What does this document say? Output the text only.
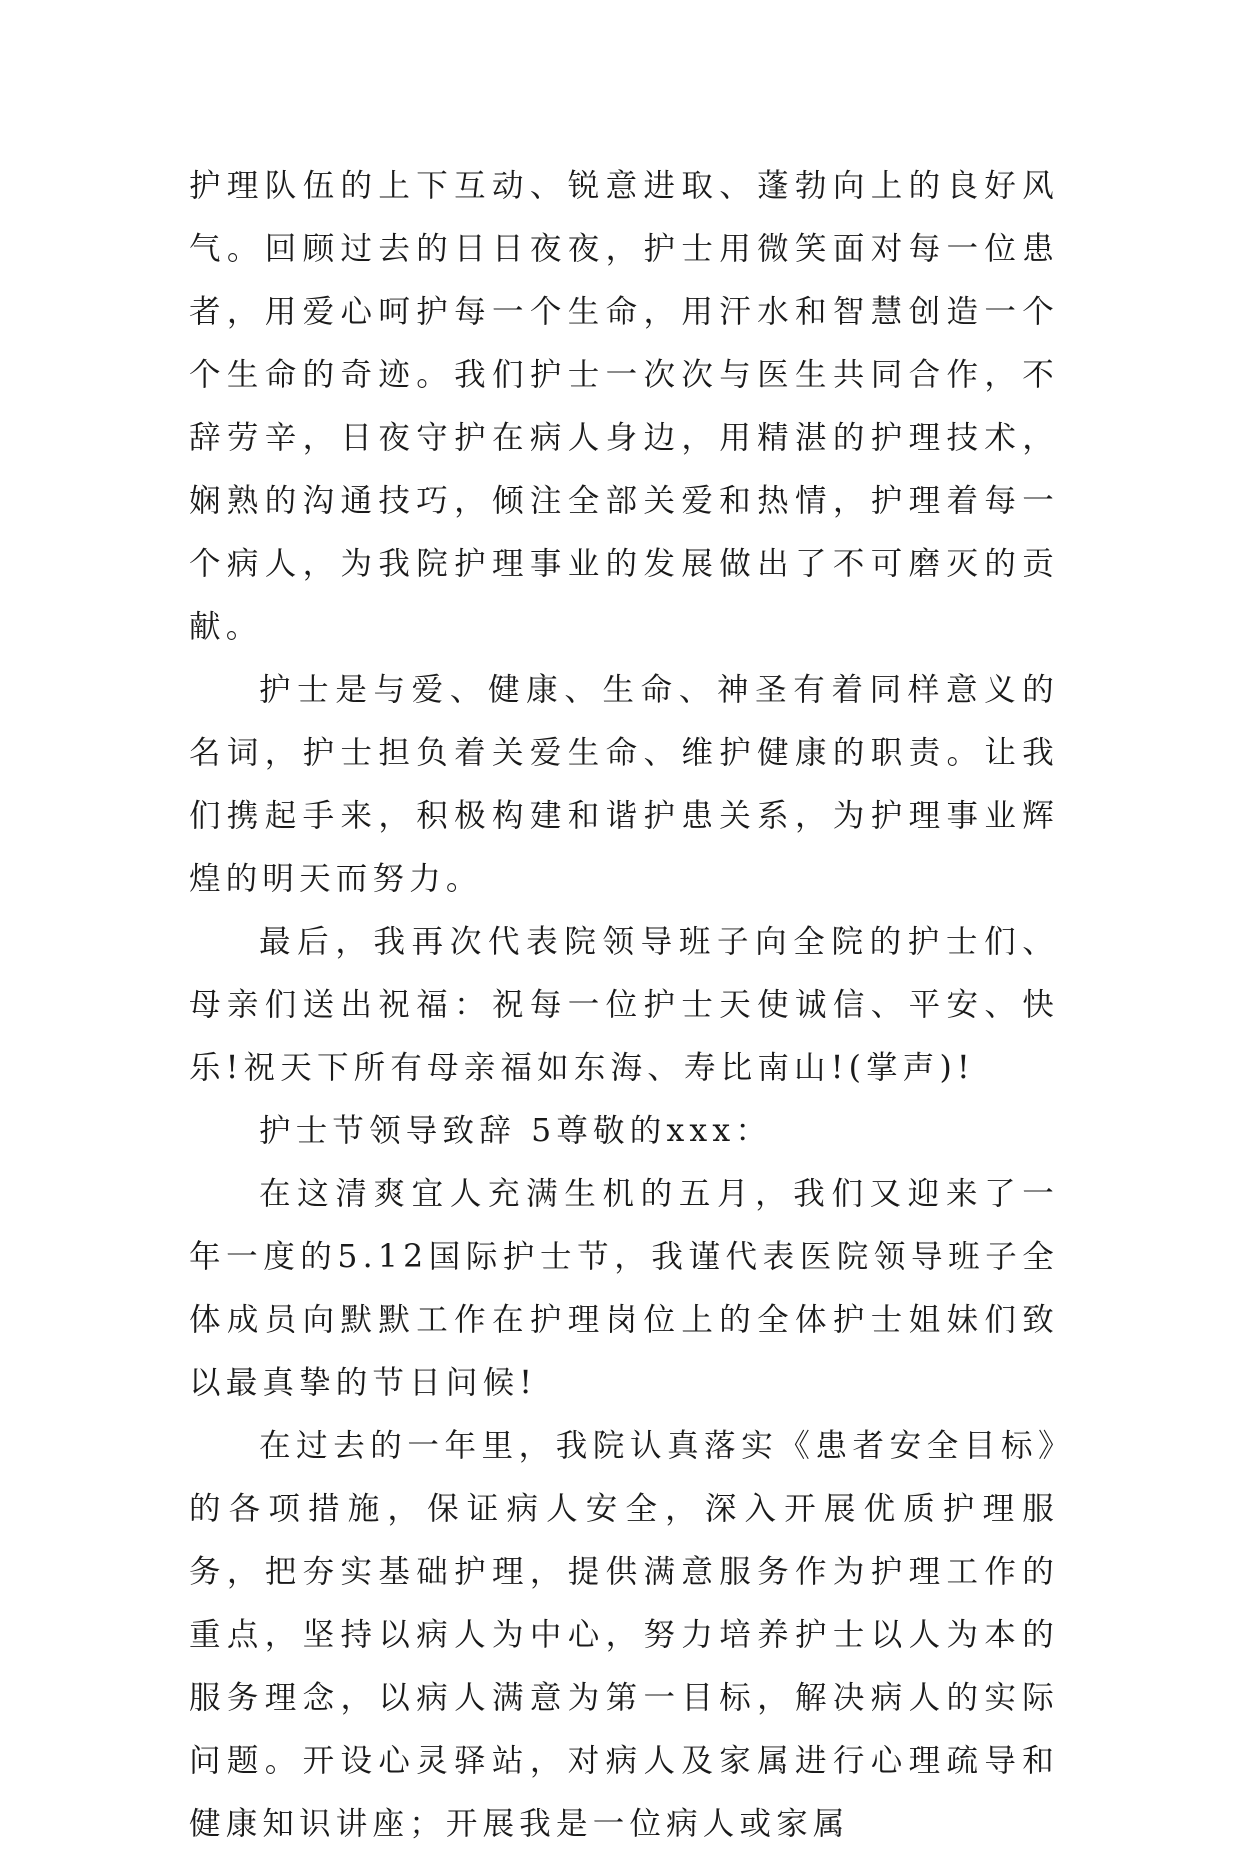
护理队伍的上下互动、锐意进取、蓬勃向上的良好风气。回顾过去的日日夜夜，护士用微笑面对每一位患者，用爱心呵护每一个生命，用汗水和智慧创造一个个生命的奇迹。我们护士一次次与医生共同合作，不辞劳辛，日夜守护在病人身边，用精湛的护理技术，娴熟的沟通技巧，倾注全部关爱和热情，护理着每一个病人，为我院护理事业的发展做出了不可磨灭的贡献。

护士是与爱、健康、生命、神圣有着同样意义的名词，护士担负着关爱生命、维护健康的职责。让我们携起手来，积极构建和谐护患关系，为护理事业辉煌的明天而努力。

最后，我再次代表院领导班子向全院的护士们、母亲们送出祝福：祝每一位护士天使诚信、平安、快乐!祝天下所有母亲福如东海、寿比南山!(掌声)!

护士节领导致辞 5尊敬的xxx：

在这清爽宜人充满生机的五月，我们又迎来了一年一度的5.12国际护士节，我谨代表医院领导班子全体成员向默默工作在护理岗位上的全体护士姐妹们致以最真挚的节日问候!

在过去的一年里，我院认真落实《患者安全目标》的各项措施，保证病人安全，深入开展优质护理服务，把夯实基础护理，提供满意服务作为护理工作的重点，坚持以病人为中心，努力培养护士以人为本的服务理念，以病人满意为第一目标，解决病人的实际问题。开设心灵驿站，对病人及家属进行心理疏导和健康知识讲座；开展我是一位病人或家属
